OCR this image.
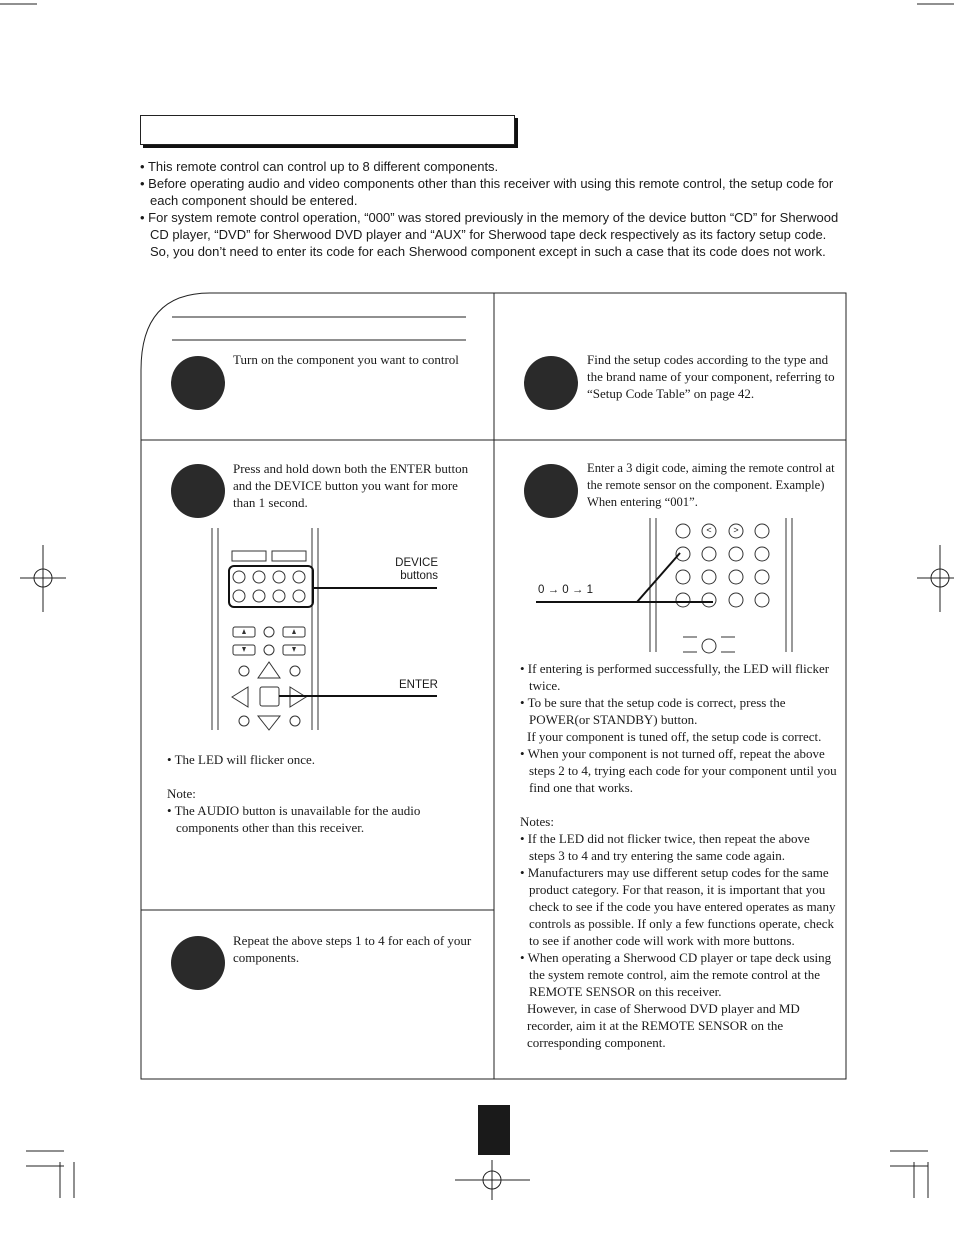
• This remote control can control up to 8 different components.
• Before operating audio and video components other than this receiver with using this remote control, the setup code for each component should be entered.
• For system remote control operation, “000” was stored previously in the memory of the device button “CD” for Sherwood CD player, “DVD” for Sherwood DVD player and “AUX” for Sherwood tape deck respectively as its factory setup code. So, you don’t need to enter its code for each Sherwood component except in such a case that its code does not work.
Turn on the component you want to control	Find the setup codes according to the type and the brand name of your component, referring to “Setup Code Table” on page 42.
Press and hold down both the ENTER button and the DEVICE button you want for more than 1 second.
DEVICE
buttons
ENTER
• The LED will flicker once.
Note:
• The AUDIO button is unavailable for the audio components other than this receiver.
Enter a 3 digit code, aiming the remote control at the remote sensor on the component. Example) When entering “001”.
0 → 0 → 1
< >
• If entering is performed successfully, the LED will flicker twice.
• To be sure that the setup code is correct, press the POWER(or STANDBY) button.
If your component is tuned off, the setup code is correct.
• When your component is not turned off, repeat the above steps 2 to 4, trying each code for your component until you find one that works.
Notes:
• If the LED did not flicker twice, then repeat the above steps 3 to 4 and try entering the same code again.
• Manufacturers may use different setup codes for the same product category. For that reason, it is important that you check to see if the code you have entered operates as many controls as possible. If only a few functions operate, check to see if another code will work with more buttons.
• When operating a Sherwood CD player or tape deck using the system remote control, aim the remote control at the REMOTE SENSOR on this receiver.
However, in case of Sherwood DVD player and MD recorder, aim it at the REMOTE SENSOR on the corresponding component.
Repeat the above steps 1 to 4 for each of your components.
